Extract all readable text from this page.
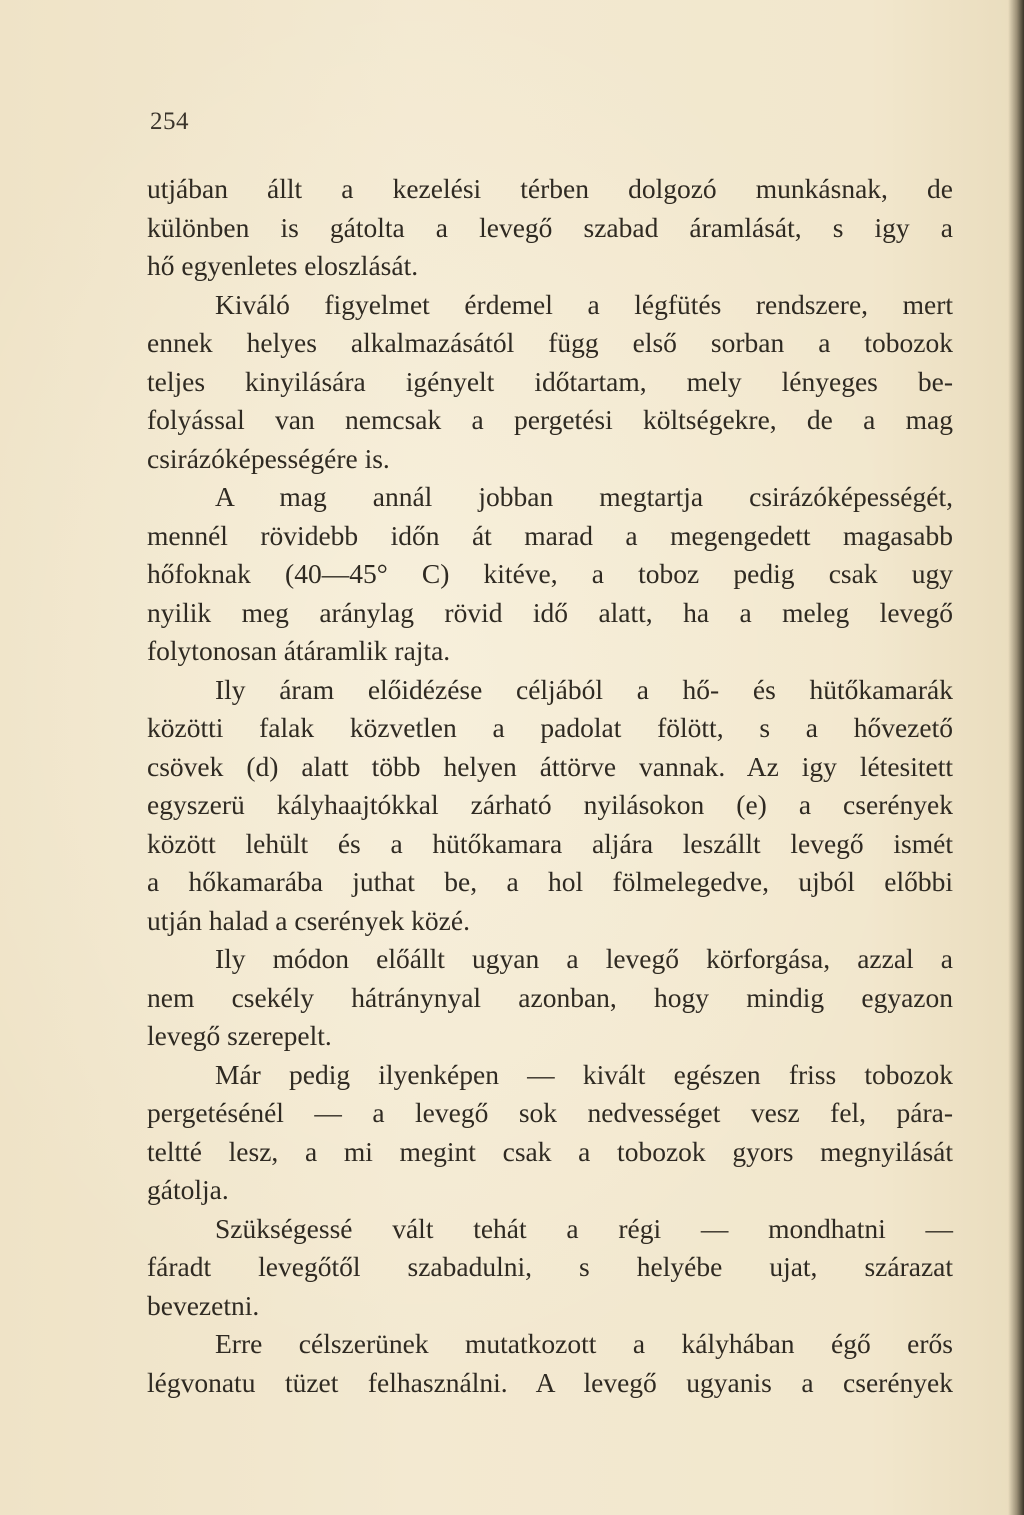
254
utjában állt a kezelési térben dolgozó munkásnak, de
különben is gátolta a levegő szabad áramlását, s igy a
hő egyenletes eloszlását.
Kiváló figyelmet érdemel a légfütés rendszere, mert
ennek helyes alkalmazásától függ első sorban a tobozok
teljes kinyilására igényelt időtartam, mely lényeges be-
folyással van nemcsak a pergetési költségekre, de a mag
csirázóképességére is.
A mag annál jobban megtartja csirázóképességét,
mennél rövidebb időn át marad a megengedett magasabb
hőfoknak (40—45° C) kitéve, a toboz pedig csak ugy
nyilik meg aránylag rövid idő alatt, ha a meleg levegő
folytonosan átáramlik rajta.
Ily áram előidézése céljából a hő- és hütőkamarák
közötti falak közvetlen a padolat fölött, s a hővezető
csövek (d) alatt több helyen áttörve vannak. Az igy létesitett
egyszerü kályhaajtókkal zárható nyilásokon (e) a cserények
között lehült és a hütőkamara aljára leszállt levegő ismét
a hőkamarába juthat be, a hol fölmelegedve, ujból előbbi
utján halad a cserények közé.
Ily módon előállt ugyan a levegő körforgása, azzal a
nem csekély hátránynyal azonban, hogy mindig egyazon
levegő szerepelt.
Már pedig ilyenképen — kivált egészen friss tobozok
pergetésénél — a levegő sok nedvességet vesz fel, pára-
teltté lesz, a mi megint csak a tobozok gyors megnyilását
gátolja.
Szükségessé vált tehát a régi — mondhatni —
fáradt levegőtől szabadulni, s helyébe ujat, szárazat
bevezetni.
Erre célszerünek mutatkozott a kályhában égő erős
légvonatu tüzet felhasználni. A levegő ugyanis a cserények
